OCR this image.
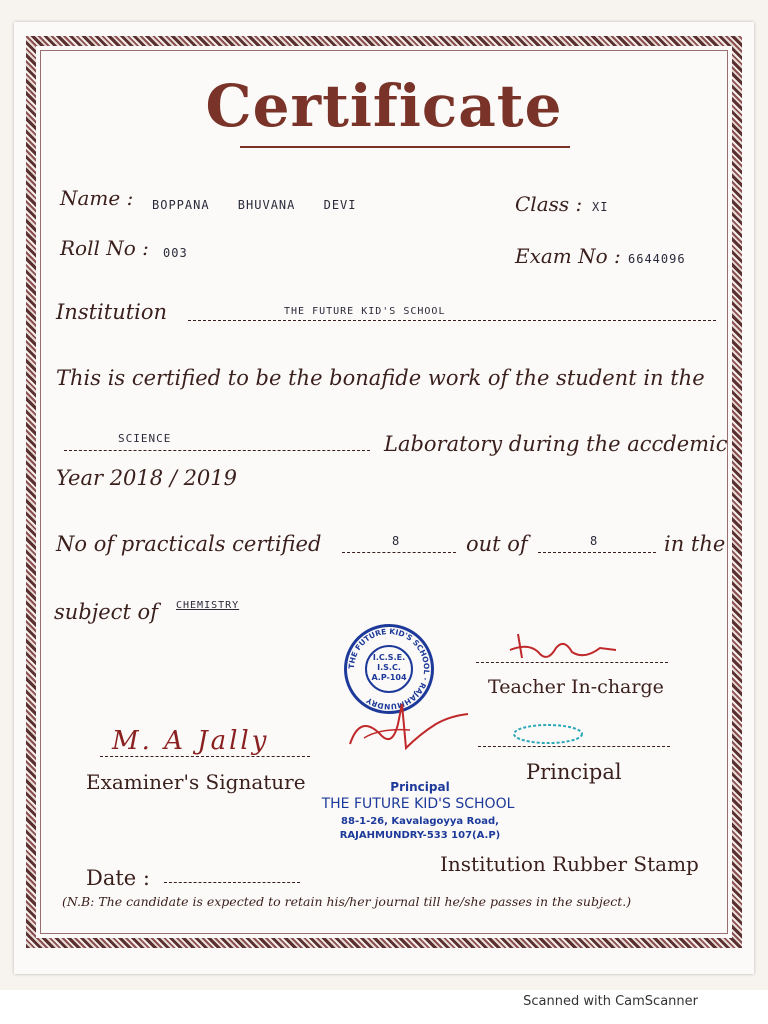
Certificate
Name : BOPPANA BHUVANA DEVI	Class : XI
Roll No : 003	Exam No : 6644096
Institution	THE FUTURE KID'S SCHOOL
This is certified to be the bonafide work of the student in the
SCIENCE	Laboratory during the accdemic
Year 2018 / 2019
No of practicals certified	8	out of	8	in the
subject of CHEMISTRY
I.C.S.E.
I.S.C.
A.P-104
THE FUTURE KID'S SCHOOL · RAJAHMUNDRY
Teacher In-charge
M. A Jally
Examiner's Signature	Principal
Principal
THE FUTURE KID'S SCHOOL
88-1-26, Kavalagoyya Road,
RAJAHMUNDRY-533 107(A.P)
Institution Rubber Stamp
Date :
(N.B: The candidate is expected to retain his/her journal till he/she passes in the subject.)
Scanned with CamScanner
